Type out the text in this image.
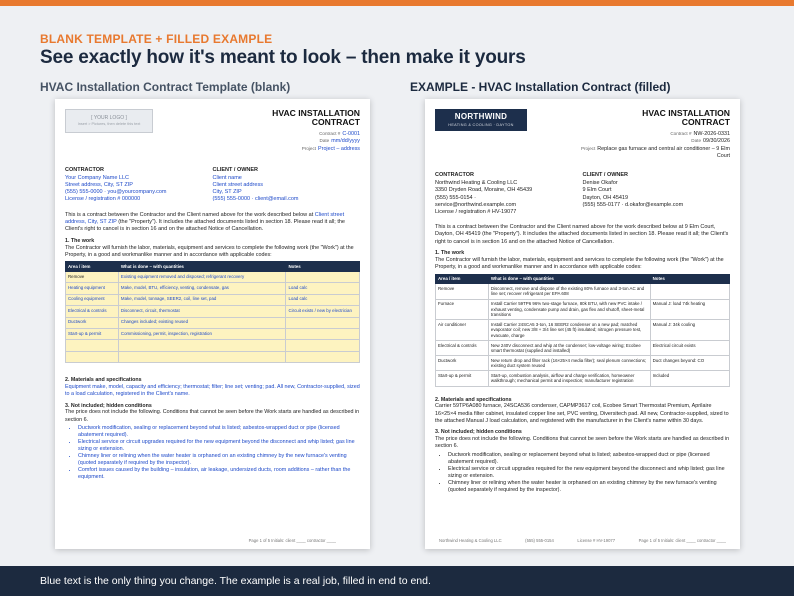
BLANK TEMPLATE + FILLED EXAMPLE
See exactly how it's meant to look – then make it yours
HVAC Installation Contract Template (blank)	EXAMPLE - HVAC Installation Contract (filled)
[ YOUR LOGO ]
Insert > Pictures, then delete this text
HVAC INSTALLATION
CONTRACT
Contract # C-0001
Date mm/dd/yyyy
Project Project – address
CONTRACTOR
Your Company Name LLC
Street address, City, ST ZIP
(555) 555-0000 · you@yourcompany.com
License / registration # 000000
CLIENT / OWNER
Client name
Client street address
City, ST ZIP
(555) 555-0000 · client@email.com
This is a contract between the Contractor and the Client named above for the work described below at Client street address, City, ST ZIP (the "Property"). It includes the attached documents listed in section 18. Please read it all; the Client's right to cancel is in section 16 and on the attached Notice of Cancellation.
1. The work
The Contractor will furnish the labor, materials, equipment and services to complete the following work (the "Work") at the Property, in a good and workmanlike manner and in accordance with applicable codes:
Area / item	What is done – with quantities	Notes
Remove	Existing equipment removed and disposed; refrigerant recovery	
Heating equipment	Make, model, BTU, efficiency, venting, condensate, gas	Load calc
Cooling equipment	Make, model, tonnage, SEER2, coil, line set, pad	Load calc
Electrical & controls	Disconnect, circuit, thermostat	Circuit exists / new by electrician
Ductwork	Changes included; existing reused	
Start-up & permit	Commissioning, permit, inspection, registration	

2. Materials and specifications
Equipment make, model, capacity and efficiency; thermostat; filter; line set; venting; pad. All new, Contractor-supplied, sized to a load calculation, registered in the Client's name.
3. Not included; hidden conditions
The price does not include the following. Conditions that cannot be seen before the Work starts are handled as described in section 6.
• Ductwork modification, sealing or replacement beyond what is listed; asbestos-wrapped duct or pipe (licensed abatement required).
• Electrical service or circuit upgrades required for the new equipment beyond the disconnect and whip listed; gas line sizing or extension.
• Chimney liner or relining when the water heater is orphaned on an existing chimney by the new furnace's venting (quoted separately if required by the inspector).
• Comfort issues caused by the building – insulation, air leakage, undersized ducts, room additions – rather than the equipment.
Page 1 of 5 Initials: client ____ contractor ____
NORTHWIND
HEATING & COOLING · DAYTON
HVAC INSTALLATION
CONTRACT
Contract # NW-2026-0331
Date 09/30/2026
Project Replace gas furnace and central air conditioner – 9 Elm Court
CONTRACTOR
Northwind Heating & Cooling LLC
3350 Dryden Road, Moraine, OH 45439
(555) 555-0154 ·
service@northwind.example.com
License / registration # HV-19077
CLIENT / OWNER
Denise Okafor
9 Elm Court
Dayton, OH 45419
(555) 555-0177 · d.okafor@example.com
This is a contract between the Contractor and the Client named above for the work described below at 9 Elm Court, Dayton, OH 45419 (the "Property"). It includes the attached documents listed in section 18. Please read it all; the Client's right to cancel is in section 16 and on the attached Notice of Cancellation.
1. The work
The Contractor will furnish the labor, materials, equipment and services to complete the following work (the "Work") at the Property, in a good and workmanlike manner and in accordance with applicable codes:
Area / item	What is done – with quantities	Notes
Remove	Disconnect, remove and dispose of the existing 80% furnace and 3-ton AC and line set; recover refrigerant per EPA 608	
Furnace	Install Carrier 59TP6 96% two-stage furnace, 80k BTU, with new PVC intake / exhaust venting, condensate pump and drain, gas flex and shutoff, sheet-metal transitions	Manual J: load 74k heating
Air conditioner	Install Carrier 24SCA5 3-ton, 16 SEER2 condenser on a new pad; matched evaporator coil; new 3/8 + 3/4 line set (45 ft) insulated; nitrogen pressure test, evacuate, charge	Manual J: 34k cooling
Electrical & controls	New 240V disconnect and whip at the condenser; low-voltage wiring; Ecobee smart thermostat (supplied and installed)	Electrical circuit exists
Ductwork	New return drop and filter rack (16×25×4 media filter); seal plenum connections; existing duct system reused	Duct changes beyond: CO
Start-up & permit	Start-up, combustion analysis, airflow and charge verification, homeowner walkthrough; mechanical permit and inspection; manufacturer registration	Included
2. Materials and specifications
Carrier 59TP6A080 furnace, 24SCA536 condenser, CAPMP3617 coil, Ecobee Smart Thermostat Premium, Aprilaire 16×25×4 media filter cabinet, insulated copper line set, PVC venting, Diversitech pad. All new, Contractor-supplied, sized to the attached Manual J load calculation, and registered with the manufacturer in the Client's name within 30 days.
3. Not included; hidden conditions
The price does not include the following. Conditions that cannot be seen before the Work starts are handled as described in section 6.
• Ductwork modification, sealing or replacement beyond what is listed; asbestos-wrapped duct or pipe (licensed abatement required).
• Electrical service or circuit upgrades required for the new equipment beyond the disconnect and whip listed; gas line sizing or extension.
• Chimney liner or relining when the water heater is orphaned on an existing chimney by the new furnace's venting (quoted separately if required by the inspector).
Northwind Heating & Cooling LLC	(555) 555-0154	License # HV-19077	Page 1 of 5 Initials: client ____ contractor ____
Blue text is the only thing you change. The example is a real job, filled in end to end.
